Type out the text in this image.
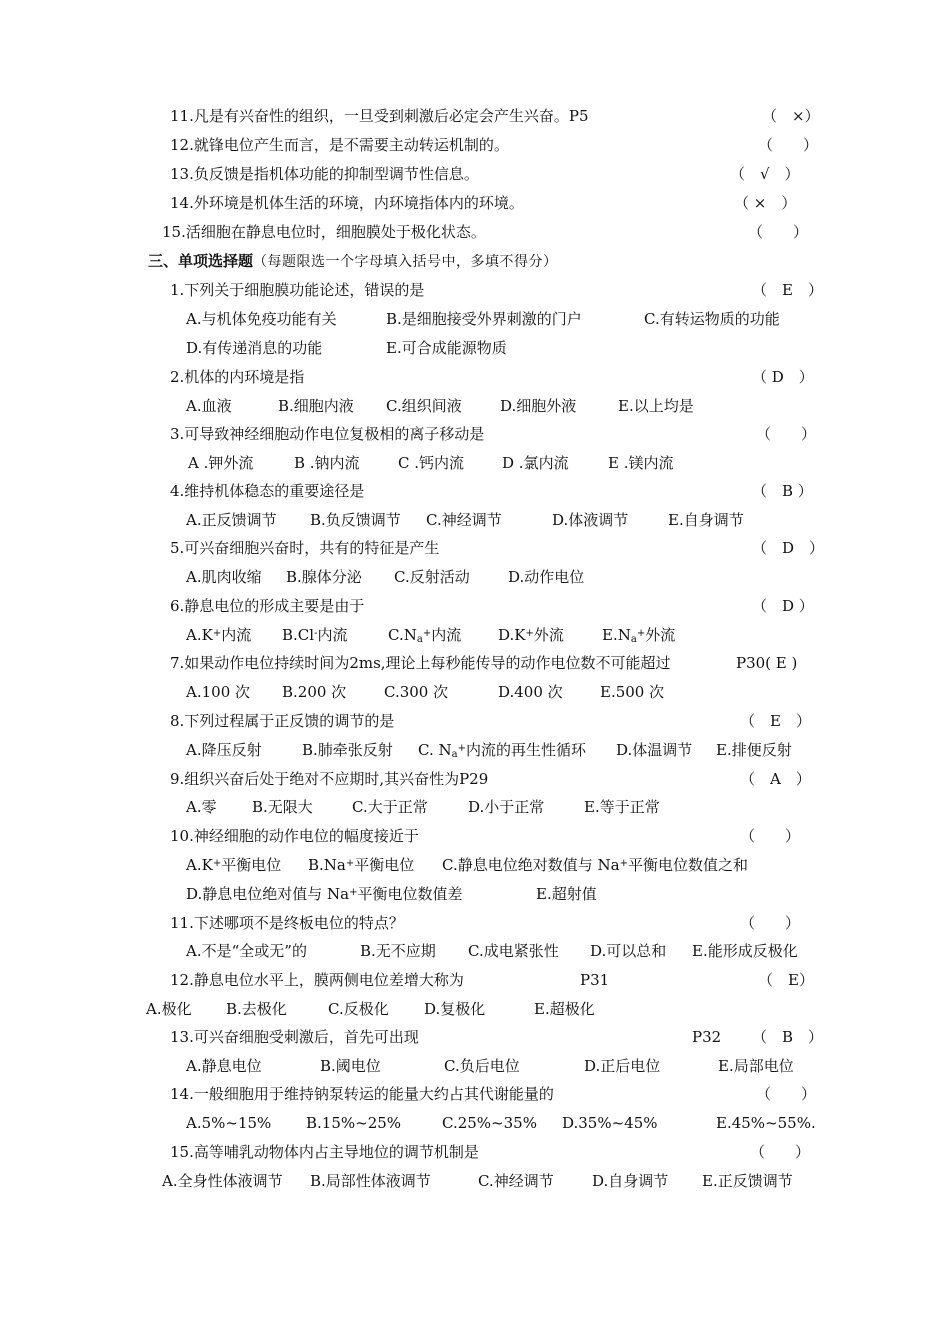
11.凡是有兴奋性的组织，一旦受到刺激后必定会产生兴奋。P5	（　×）
12.就锋电位产生而言，是不需要主动转运机制的。	（　　）
13.负反馈是指机体功能的抑制型调节性信息。	（　√　）
14.外环境是机体生活的环境，内环境指体内的环境。	（ ×　）
15.活细胞在静息电位时，细胞膜处于极化状态。	（　　）
三、单项选择题（每题限选一个字母填入括号中，多填不得分）
1.下列关于细胞膜功能论述，错误的是	（　E　）
A.与机体免疫功能有关	B.是细胞接受外界刺激的门户	C.有转运物质的功能
D.有传递消息的功能	E.可合成能源物质
2.机体的内环境是指	（ D　）
A.血液	B.细胞内液 C.组织间液	D.细胞外液	E.以上均是
3.可导致神经细胞动作电位复极相的离子移动是	（　　）
A .钾外流	B .钠内流	C .钙内流	D .氯内流	E .镁内流
4.维持机体稳态的重要途径是	（　B ）
A.正反馈调节 B.负反馈调节 C.神经调节	D.体液调节	E.自身调节
5.可兴奋细胞兴奋时，共有的特征是产生	（　D　）
A.肌肉收缩 B.腺体分泌 C.反射活动	D.动作电位
6.静息电位的形成主要是由于	（　D ）
A.K+内流 B.Cl-内流	$C.N_a^+$内流 D.K+外流	$E.N_a^+$外流
7.如果动作电位持续时间为2ms,理论上每秒能传导的动作电位数不可能超过	P30( E )
A.100 次 B.200 次	C.300 次	D.400 次 E.500 次
8.下列过程属于正反馈的调节的是	（　E　）
A.降压反射	B.肺牵张反射 C. $N_a^+$内流的再生性循环 D.体温调节 E.排便反射
9.组织兴奋后处于绝对不应期时,其兴奋性为P29	（　A　）
A.零 B.无限大	C.大于正常	D.小于正常	E.等于正常
10.神经细胞的动作电位的幅度接近于	（　　）
A.K+平衡电位 B.Na+平衡电位 C.静息电位绝对数值与 Na+平衡电位数值之和
D.静息电位绝对值与 Na+平衡电位数值差	E.超射值
11.下述哪项不是终板电位的特点？	（　　）
A.不是“全或无”的	B.无不应期 C.成电紧张性 D.可以总和 E.能形成反极化
12.静息电位水平上，膜两侧电位差增大称为	P31	（　E）
A.极化 B.去极化	C.反极化 D.复极化	E.超极化
13.可兴奋细胞受刺激后，首先可出现	P32 （　B　）
A.静息电位	B.阈电位	C.负后电位	D.正后电位	E.局部电位
14.一般细胞用于维持钠泵转运的能量大约占其代谢能量的	（　　）
A.5%~15% B.15%~25%	C.25%~35% D.35%~45%	E.45%~55%.
15.高等哺乳动物体内占主导地位的调节机制是	（　　）
A.全身性体液调节 B.局部性体液调节	C.神经调节	D.自身调节 E.正反馈调节
